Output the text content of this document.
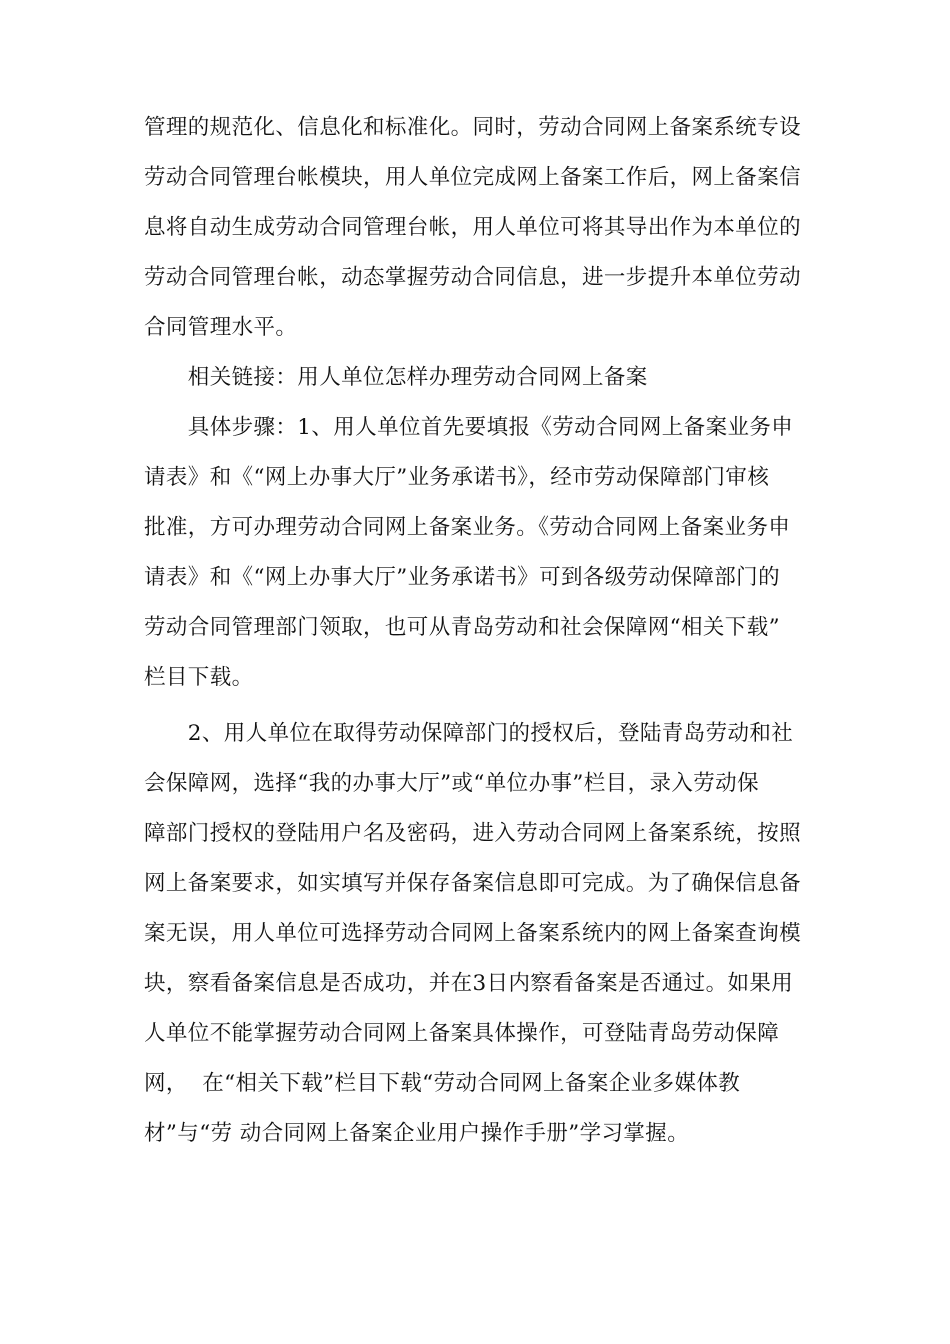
管理的规范化、信息化和标准化。同时，劳动合同网上备案系统专设
劳动合同管理台帐模块，用人单位完成网上备案工作后，网上备案信
息将自动生成劳动合同管理台帐，用人单位可将其导出作为本单位的
劳动合同管理台帐，动态掌握劳动合同信息，进一步提升本单位劳动
合同管理水平。
　　相关链接：用人单位怎样办理劳动合同网上备案
　　具体步骤：1、用人单位首先要填报《劳动合同网上备案业务申
请表》和《“网上办事大厅”业务承诺书》，经市劳动保障部门审核
批准，方可办理劳动合同网上备案业务。《劳动合同网上备案业务申
请表》和《“网上办事大厅”业务承诺书》可到各级劳动保障部门的
劳动合同管理部门领取，也可从青岛劳动和社会保障网“相关下载”
栏目下载。
　　2、用人单位在取得劳动保障部门的授权后，登陆青岛劳动和社
会保障网，选择“我的办事大厅”或“单位办事”栏目，录入劳动保
障部门授权的登陆用户名及密码，进入劳动合同网上备案系统，按照
网上备案要求，如实填写并保存备案信息即可完成。为了确保信息备
案无误，用人单位可选择劳动合同网上备案系统内的网上备案查询模
块，察看备案信息是否成功，并在3日内察看备案是否通过。如果用
人单位不能掌握劳动合同网上备案具体操作，可登陆青岛劳动保障
网，  在“相关下载”栏目下载“劳动合同网上备案企业多媒体教
材”与“劳 动合同网上备案企业用户操作手册”学习掌握。
